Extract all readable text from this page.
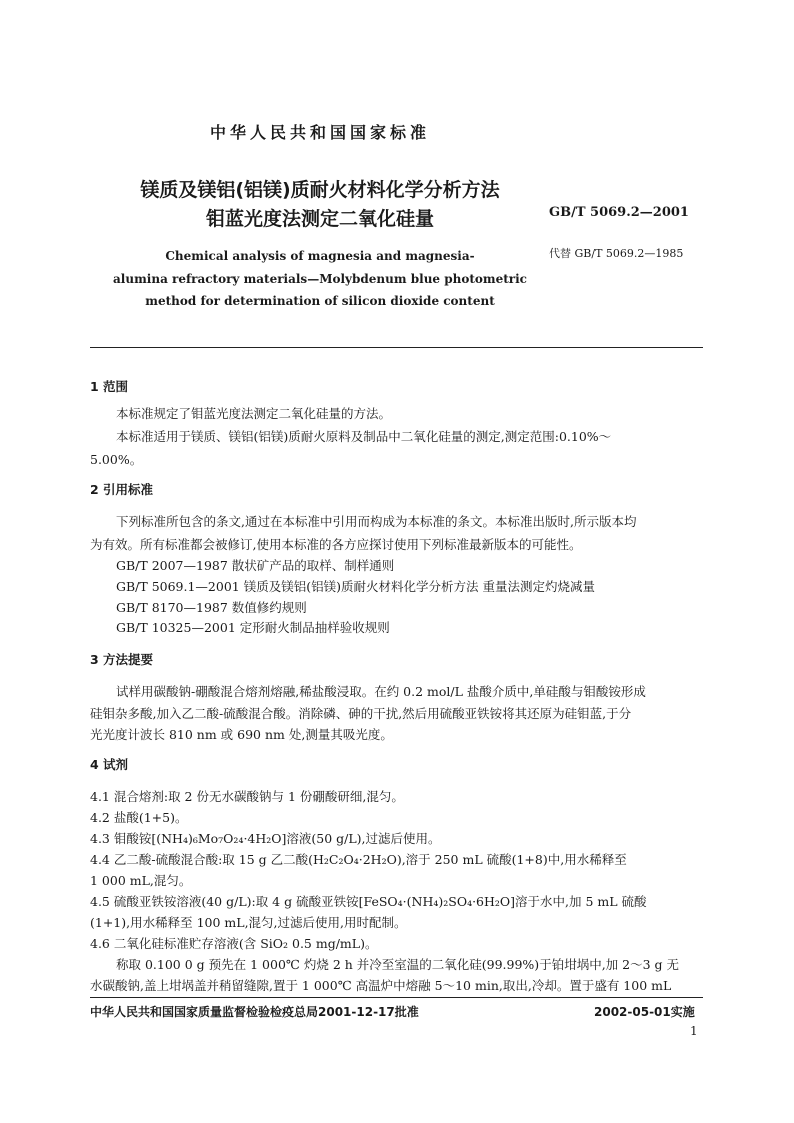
中华人民共和国国家标准
镁质及镁铝(铝镁)质耐火材料化学分析方法
钼蓝光度法测定二氧化硅量	GB/T 5069.2—2001
代替 GB/T 5069.2—1985
Chemical analysis of magnesia and magnesia-
alumina refractory materials—Molybdenum blue photometric
method for determination of silicon dioxide content
1 范围
本标准规定了钼蓝光度法测定二氧化硅量的方法。
本标准适用于镁质、镁铝(铝镁)质耐火原料及制品中二氧化硅量的测定,测定范围:0.10%～
5.00%。
2 引用标准
下列标准所包含的条文,通过在本标准中引用而构成为本标准的条文。本标准出版时,所示版本均
为有效。所有标准都会被修订,使用本标准的各方应探讨使用下列标准最新版本的可能性。
GB/T 2007—1987 散状矿产品的取样、制样通则
GB/T 5069.1—2001 镁质及镁铝(铝镁)质耐火材料化学分析方法 重量法测定灼烧减量
GB/T 8170—1987 数值修约规则
GB/T 10325—2001 定形耐火制品抽样验收规则
3 方法提要
试样用碳酸钠-硼酸混合熔剂熔融,稀盐酸浸取。在约 0.2 mol/L 盐酸介质中,单硅酸与钼酸铵形成
硅钼杂多酸,加入乙二酸-硫酸混合酸。消除磷、砷的干扰,然后用硫酸亚铁铵将其还原为硅钼蓝,于分
光光度计波长 810 nm 或 690 nm 处,测量其吸光度。
4 试剂
4.1 混合熔剂:取 2 份无水碳酸钠与 1 份硼酸研细,混匀。
4.2 盐酸(1+5)。
4.3 钼酸铵[(NH₄)₆Mo₇O₂₄·4H₂O]溶液(50 g/L),过滤后使用。
4.4 乙二酸-硫酸混合酸:取 15 g 乙二酸(H₂C₂O₄·2H₂O),溶于 250 mL 硫酸(1+8)中,用水稀释至
1 000 mL,混匀。
4.5 硫酸亚铁铵溶液(40 g/L):取 4 g 硫酸亚铁铵[FeSO₄·(NH₄)₂SO₄·6H₂O]溶于水中,加 5 mL 硫酸
(1+1),用水稀释至 100 mL,混匀,过滤后使用,用时配制。
4.6 二氧化硅标准贮存溶液(含 SiO₂ 0.5 mg/mL)。
称取 0.100 0 g 预先在 1 000℃ 灼烧 2 h 并冷至室温的二氧化硅(99.99%)于铂坩埚中,加 2～3 g 无
水碳酸钠,盖上坩埚盖并稍留缝隙,置于 1 000℃ 高温炉中熔融 5～10 min,取出,冷却。置于盛有 100 mL
中华人民共和国国家质量监督检验检疫总局2001-12-17批准	2002-05-01实施
1
